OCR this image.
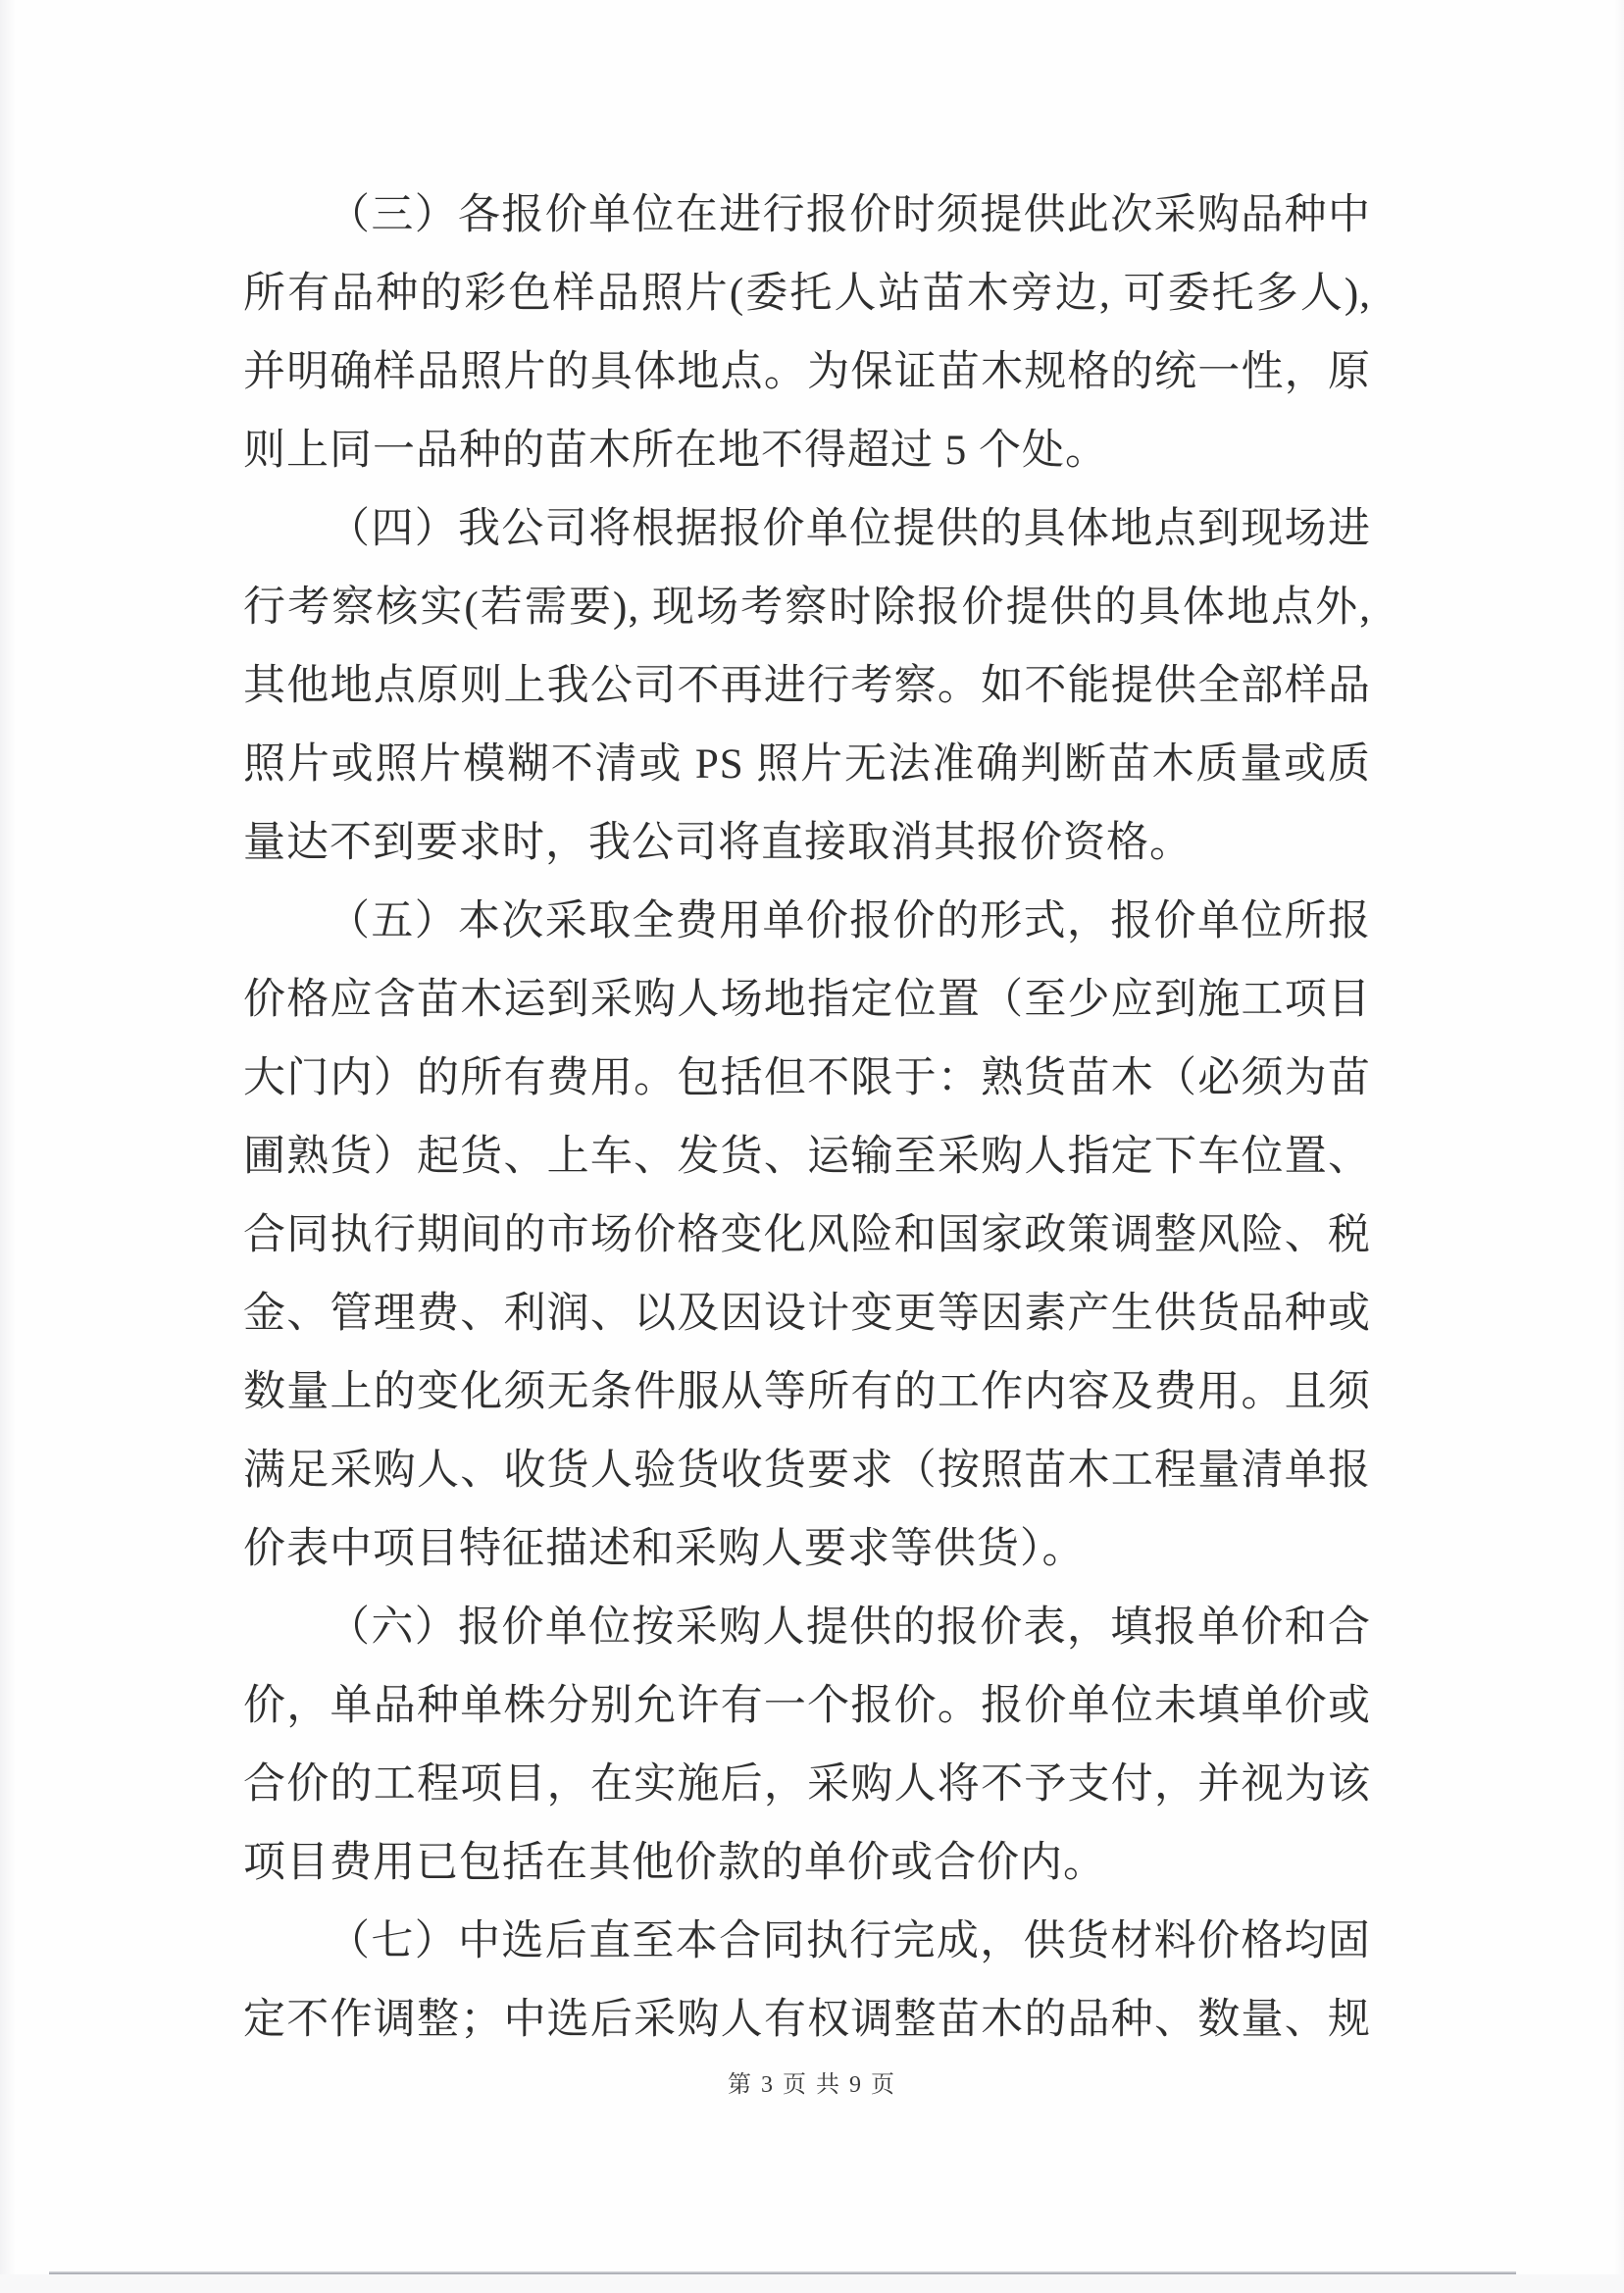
（三）各报价单位在进行报价时须提供此次采购品种中
所有品种的彩色样品照片(委托人站苗木旁边, 可委托多人),
并明确样品照片的具体地点。为保证苗木规格的统一性，原
则上同一品种的苗木所在地不得超过 5 个处。
（四）我公司将根据报价单位提供的具体地点到现场进
行考察核实(若需要), 现场考察时除报价提供的具体地点外,
其他地点原则上我公司不再进行考察。如不能提供全部样品
照片或照片模糊不清或 PS 照片无法准确判断苗木质量或质
量达不到要求时，我公司将直接取消其报价资格。
（五）本次采取全费用单价报价的形式，报价单位所报
价格应含苗木运到采购人场地指定位置（至少应到施工项目
大门内）的所有费用。包括但不限于：熟货苗木（必须为苗
圃熟货）起货、上车、发货、运输至采购人指定下车位置、
合同执行期间的市场价格变化风险和国家政策调整风险、税
金、管理费、利润、以及因设计变更等因素产生供货品种或
数量上的变化须无条件服从等所有的工作内容及费用。且须
满足采购人、收货人验货收货要求（按照苗木工程量清单报
价表中项目特征描述和采购人要求等供货）。
（六）报价单位按采购人提供的报价表，填报单价和合
价，单品种单株分别允许有一个报价。报价单位未填单价或
合价的工程项目，在实施后，采购人将不予支付，并视为该
项目费用已包括在其他价款的单价或合价内。
（七）中选后直至本合同执行完成，供货材料价格均固
定不作调整；中选后采购人有权调整苗木的品种、数量、规
第 3 页 共 9 页
